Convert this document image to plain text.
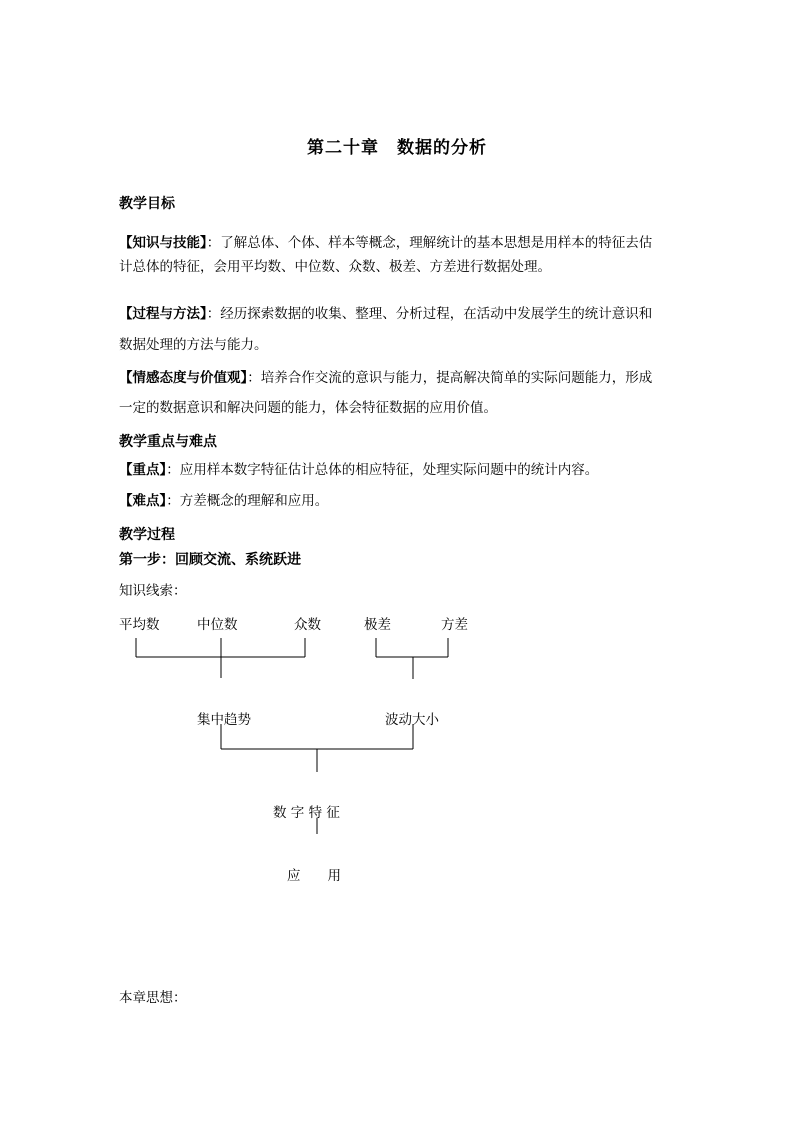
第二十章　数据的分析
教学目标
【知识与技能】：了解总体、个体、样本等概念，理解统计的基本思想是用样本的特征去估
计总体的特征，会用平均数、中位数、众数、极差、方差进行数据处理。
【过程与方法】：经历探索数据的收集、整理、分析过程，在活动中发展学生的统计意识和
数据处理的方法与能力。
【情感态度与价值观】：培养合作交流的意识与能力，提高解决简单的实际问题能力，形成
一定的数据意识和解决问题的能力，体会特征数据的应用价值。
教学重点与难点
【重点】：应用样本数字特征估计总体的相应特征，处理实际问题中的统计内容。
【难点】：方差概念的理解和应用。
教学过程
第一步：回顾交流、系统跃进
知识线索：
平均数	中位数	众数	极差	方差
集中趋势	波动大小
数 字 特 征
应　　用
本章思想：
